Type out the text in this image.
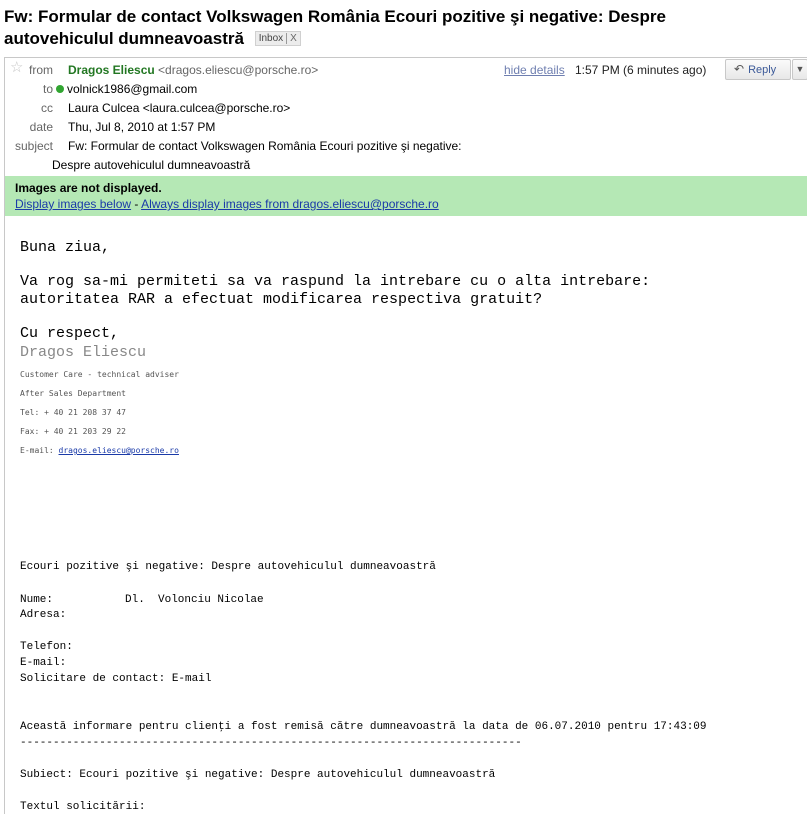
Fw: Formular de contact Volkswagen România Ecouri pozitive şi negative: Despre
autovehiculul dumneavoastră Inbox X
☆ from Dragos Eliescu <dragos.eliescu@porsche.ro>	hide details 1:57 PM (6 minutes ago)	↶ Reply	▼
to	volnick1986@gmail.com
cc Laura Culcea <laura.culcea@porsche.ro>
date Thu, Jul 8, 2010 at 1:57 PM
subject Fw: Formular de contact Volkswagen România Ecouri pozitive şi negative:
Despre autovehiculul dumneavoastră
Images are not displayed.
Display images below - Always display images from dragos.eliescu@porsche.ro
Buna ziua,
Va rog sa-mi permiteti sa va raspund la intrebare cu o alta intrebare:
autoritatea RAR a efectuat modificarea respectiva gratuit?
Cu respect,
Dragos Eliescu
Customer Care - technical adviser
After Sales Department
Tel: + 40 21 208 37 47
Fax: + 40 21 203 29 22
E-mail: dragos.eliescu@porsche.ro
Ecouri pozitive şi negative: Despre autovehiculul dumneavoastră
Nume:	Dl.  Volonciu Nicolae
Adresa:
Telefon:
E-mail:
Solicitare de contact: E-mail
Această informare pentru clienţi a fost remisă către dumneavoastră la data de 06.07.2010 pentru 17:43:09
----------------------------------------------------------------------------
Subiect: Ecouri pozitive şi negative: Despre autovehiculul dumneavoastră
Textul solicitării:
